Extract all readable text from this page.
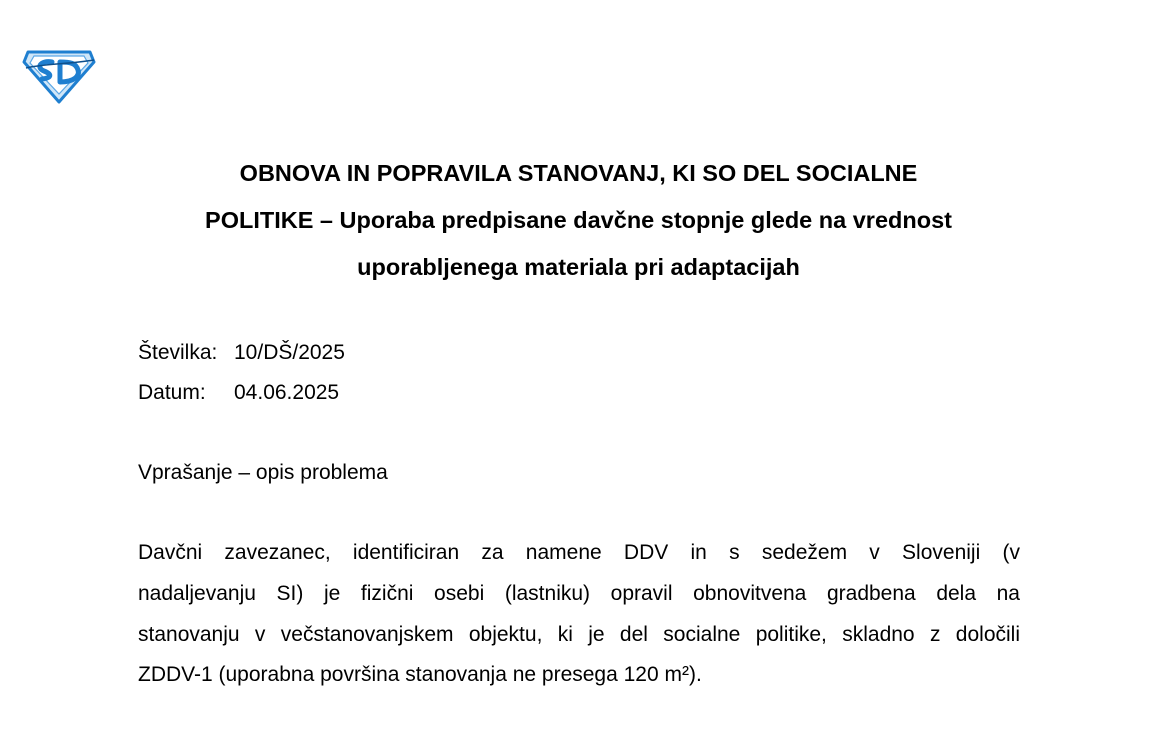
OBNOVA IN POPRAVILA STANOVANJ, KI SO DEL SOCIALNE
POLITIKE – Uporaba predpisane davčne stopnje glede na vrednost
uporabljenega materiala pri adaptacijah
Številka: 10/DŠ/2025
Datum: 04.06.2025
Vprašanje – opis problema
Davčni zavezanec, identificiran za namene DDV in s sedežem v Sloveniji (v
nadaljevanju SI) je fizični osebi (lastniku) opravil obnovitvena gradbena dela na
stanovanju v večstanovanjskem objektu, ki je del socialne politike, skladno z določili
ZDDV-1 (uporabna površina stanovanja ne presega 120 m²).
